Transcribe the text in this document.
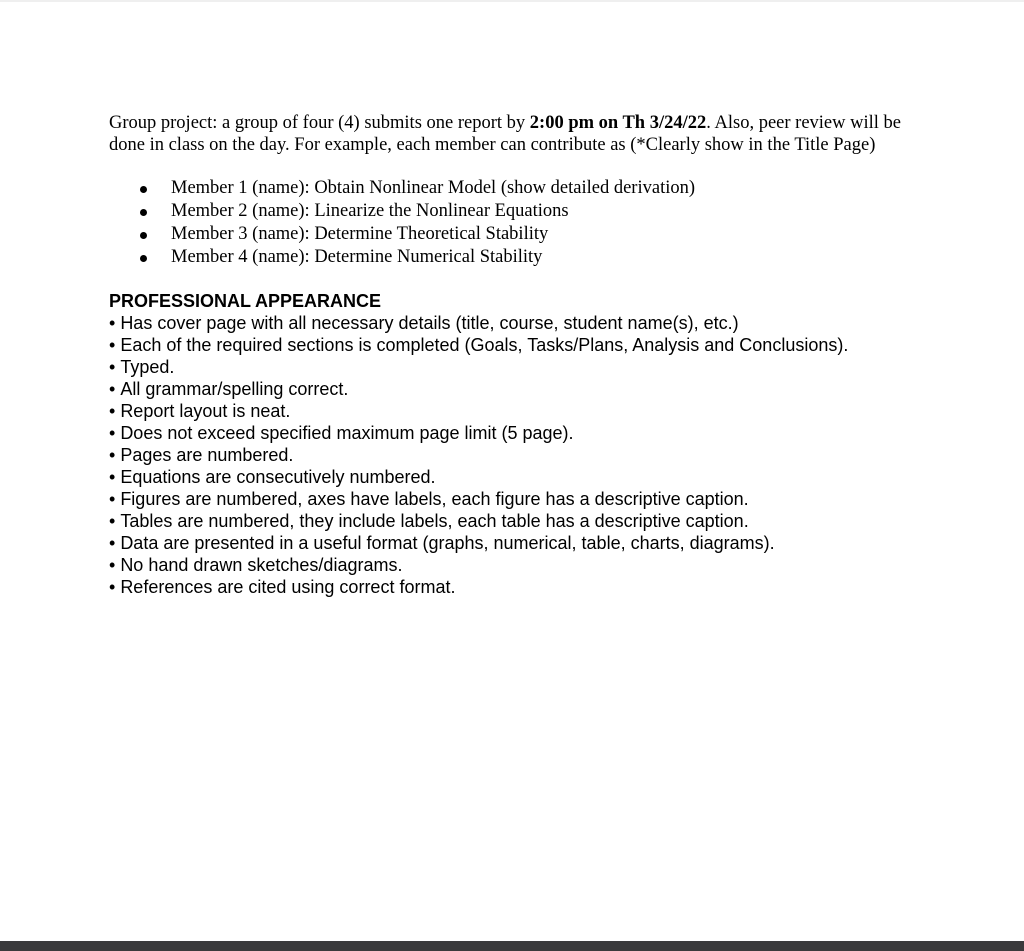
Group project: a group of four (4) submits one report by 2:00 pm on Th 3/24/22. Also, peer review will be done in class on the day. For example, each member can contribute as (*Clearly show in the Title Page)

Member 1 (name): Obtain Nonlinear Model (show detailed derivation)
Member 2 (name): Linearize the Nonlinear Equations
Member 3 (name): Determine Theoretical Stability
Member 4 (name): Determine Numerical Stability

PROFESSIONAL APPEARANCE

• Has cover page with all necessary details (title, course, student name(s), etc.)
• Each of the required sections is completed (Goals, Tasks/Plans, Analysis and Conclusions).
• Typed.
• All grammar/spelling correct.
• Report layout is neat.
• Does not exceed specified maximum page limit (5 page).
• Pages are numbered.
• Equations are consecutively numbered.
• Figures are numbered, axes have labels, each figure has a descriptive caption.
• Tables are numbered, they include labels, each table has a descriptive caption.
• Data are presented in a useful format (graphs, numerical, table, charts, diagrams).
• No hand drawn sketches/diagrams.
• References are cited using correct format.
